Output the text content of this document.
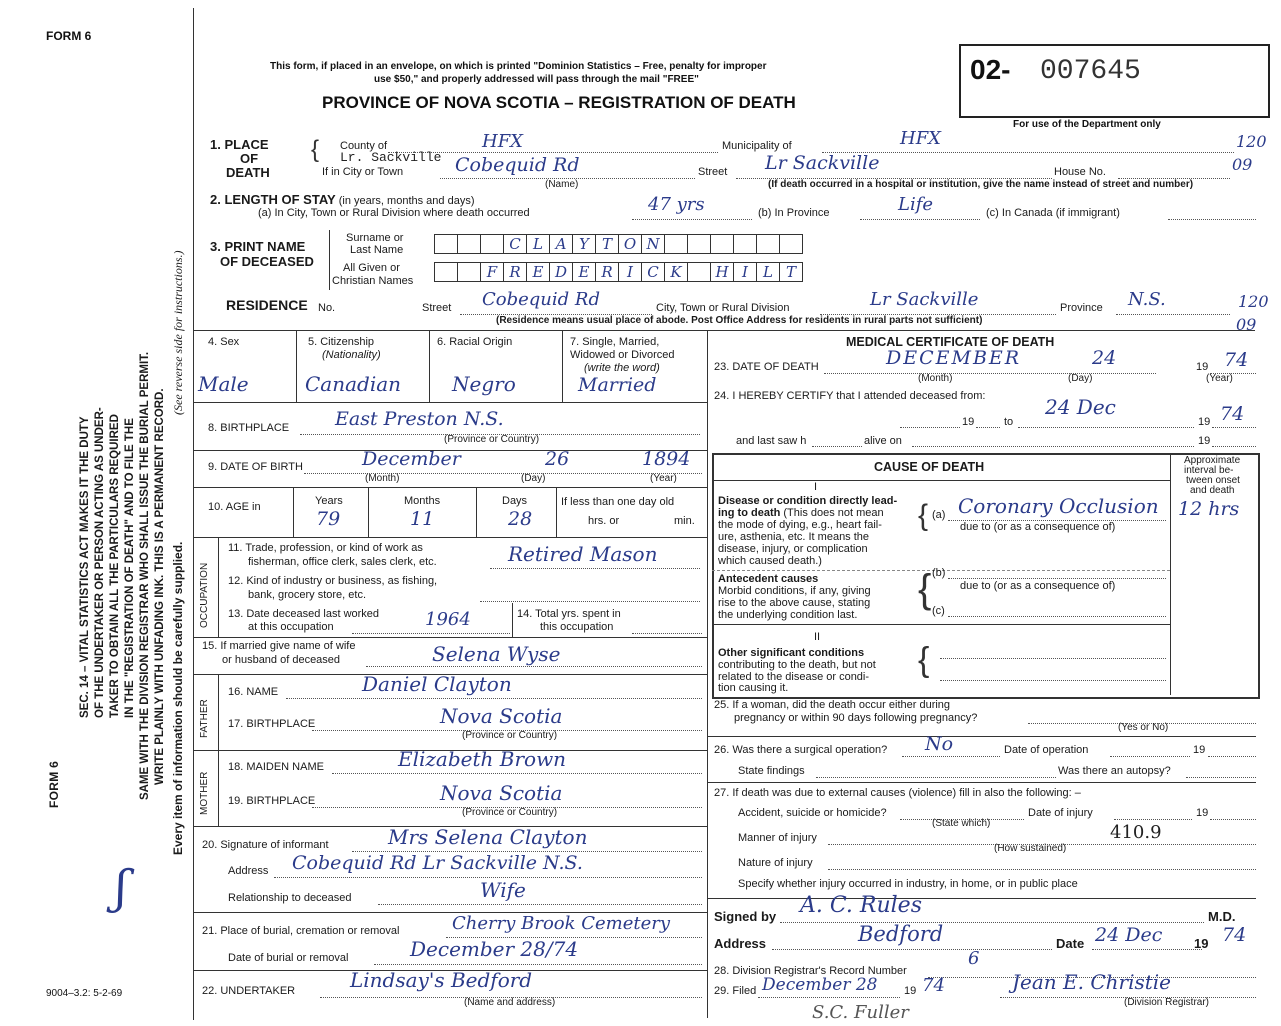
FORM 6
FORM 6
SEC. 14 – VITAL STATISTICS ACT MAKES IT THE DUTY OF THE UNDERTAKER OR PERSON ACTING AS UNDER- TAKER TO OBTAIN ALL THE PARTICULARS REQUIRED IN THE "REGISTRATION OF DEATH" AND TO FILE THE SAME WITH THE DIVISION REGISTRAR WHO SHALL ISSUE THE BURIAL PERMIT. WRITE PLAINLY WITH UNFADING INK. THIS IS A PERMANENT RECORD. Every item of information should be carefully supplied.
(See reverse side for instructions.)
ʃ
9004–3.2: 5-2-69
This form, if placed in an envelope, on which is printed "Dominion Statistics – Free, penalty for improper
use $50," and properly addressed will pass through the mail "FREE"
PROVINCE OF NOVA SCOTIA – REGISTRATION OF DEATH
02- 007645
For use of the Department only
120
09
120
09
1. PLACE
OF
DEATH
{ County of	HFX	Municipality of	HFX
Lr. Sackville
If in City or Town	Cobequid Rd
(Name)
Street Lr Sackville	House No.
(If death occurred in a hospital or institution, give the name instead of street and number)
2. LENGTH OF STAY (in years, months and days)
(a) In City, Town or Rural Division where death occurred	47 yrs	(b) In Province	Life	(c) In Canada (if immigrant)
3. PRINT NAME
OF DECEASED
Surname or
Last Name
All Given or
Christian Names
C L A Y T O N
F R E D E R I C K	H I	L T
RESIDENCE No.	Street Cobequid Rd	City, Town or Rural Division	Lr Sackville	Province N.S.
(Residence means usual place of abode. Post Office Address for residents in rural parts not sufficient)
4. Sex
Male
5. Citizenship
(Nationality)
Canadian
6. Racial Origin
Negro
7. Single, Married,
Widowed or Divorced
(write the word)
Married
8. BIRTHPLACE East Preston N.S.
(Province or Country)
9. DATE OF BIRTH	December	26	1894
(Month)	(Day)	(Year)
10. AGE in	Years	Months	Days
79	11	28
If less than one day old
hrs. or	min.
OCCUPATION
11. Trade, profession, or kind of work as
fisherman, office clerk, sales clerk, etc.	Retired Mason
12. Kind of industry or business, as fishing,
bank, grocery store, etc.
13. Date deceased last worked
at this occupation	1964	14. Total yrs. spent in
this occupation
15. If married give name of wife
or husband of deceased	Selena Wyse
FATHER
16. NAME	Daniel Clayton
17. BIRTHPLACE	Nova Scotia
(Province or Country)
MOTHER
18. MAIDEN NAME	Elizabeth Brown
19. BIRTHPLACE	Nova Scotia
(Province or Country)
20. Signature of informant	Mrs Selena Clayton
Address Cobequid Rd Lr Sackville N.S.
Relationship to deceased	Wife
21. Place of burial, cremation or removal	Cherry Brook Cemetery
Date of burial or removal	December 28/74
22. UNDERTAKER	Lindsay's Bedford
(Name and address)
MEDICAL CERTIFICATE OF DEATH
23. DATE OF DEATH	DECEMBER	24	19 74
(Month)	(Day)	(Year)
24. I HEREBY CERTIFY that I attended deceased from:
19	to
24 Dec
19 74
and last saw h	alive on	19
CAUSE OF DEATH	Approximate
interval be-
tween onset
and death
I
Disease or condition directly lead-
ing to death (This does not mean
the mode of dying, e.g., heart fail-
ure, asthenia, etc. It means the
disease, injury, or complication
which caused death.)
{ (a) Coronary Occlusion 12 hrs
due to (or as a consequence of)
Antecedent causes
Morbid conditions, if any, giving
rise to the above cause, stating
the underlying condition last.
{ (b)
due to (or as a consequence of)
(c)
II
Other significant conditions
contributing to the death, but not
related to the disease or condi-
tion causing it.
{
25. If a woman, did the death occur either during
pregnancy or within 90 days following pregnancy?
(Yes or No)
26. Was there a surgical operation? No	Date of operation	19
State findings	Was there an autopsy?
27. If death was due to external causes (violence) fill in also the following: –
Accident, suicide or homicide?	Date of injury	19
(State which)	410.9
Manner of injury
(How sustained)
Nature of injury
Specify whether injury occurred in industry, in home, or in public place
Signed by A. C. Rules	M.D.
Address	Bedford	Date 24 Dec 19 74
28. Division Registrar's Record Number
6
29. Filed December 28 19 74	Jean E. Christie
(Division Registrar)
S.C. Fuller
